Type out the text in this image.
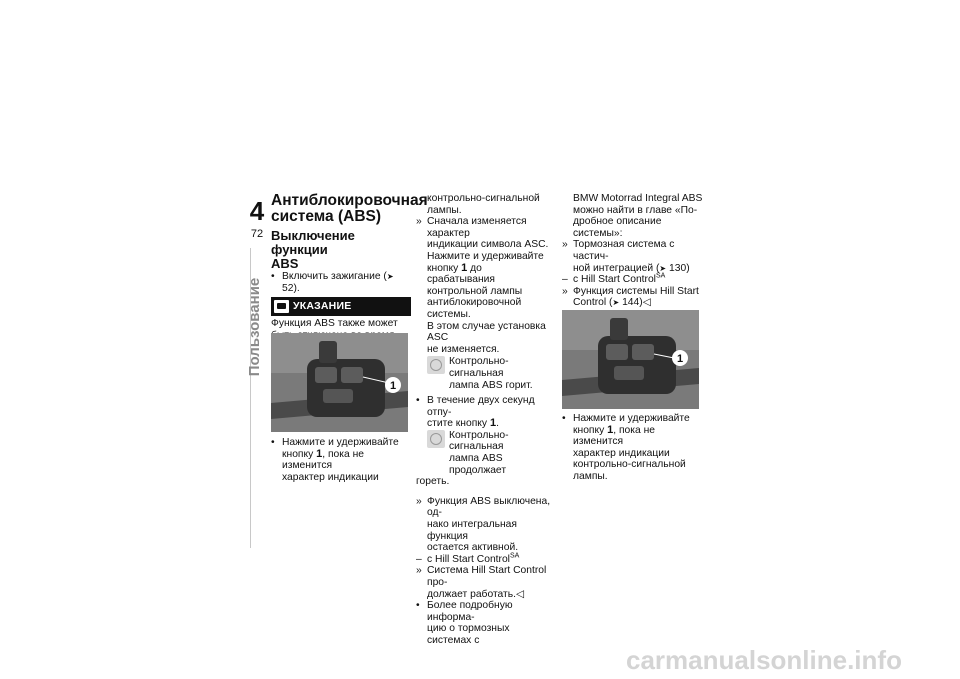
4
72
Пользование

Антиблокировочная
система (ABS)

Выключение функции
ABS

• Включить зажигание (➤ 52).
УКАЗАНИЕ

Функция ABS также может

1
• Нажмите и удерживайте
кнопку 1, пока не изменится
характер индикации

контрольно-сигнальной
лампы.

» Сначала изменяется характер
индикации символа ASC.
Нажмите и удерживайте
кнопку 1 до срабатывания
контрольной лампы
антиблокировочной системы.
В этом случае установка ASC
не изменяется.
Контрольно-сигнальная
лампа ABS горит.
• В течение двух секунд отпу-
стите кнопку 1.
Контрольно-сигнальная
лампа ABS продолжает

гореть.

» Функция ABS выключена, од-
нако интегральная функция
остается активной.
– с Hill Start Control$^{SA}$
» Система Hill Start Control про-
должает работать.◁
• Более подробную информа-
цию о тормозных системах с

BMW Motorrad Integral ABS
можно найти в главе «По-
дробное описание системы»:

» Тормозная система с частич-
ной интеграцией (➤ 130)
– с Hill Start Control$^{SA}$
» Функция системы Hill Start
Control (➤ 144)◁

1
• Нажмите и удерживайте
кнопку 1, пока не изменится
характер индикации
контрольно-сигнальной
лампы.
carmanualsonline.info
